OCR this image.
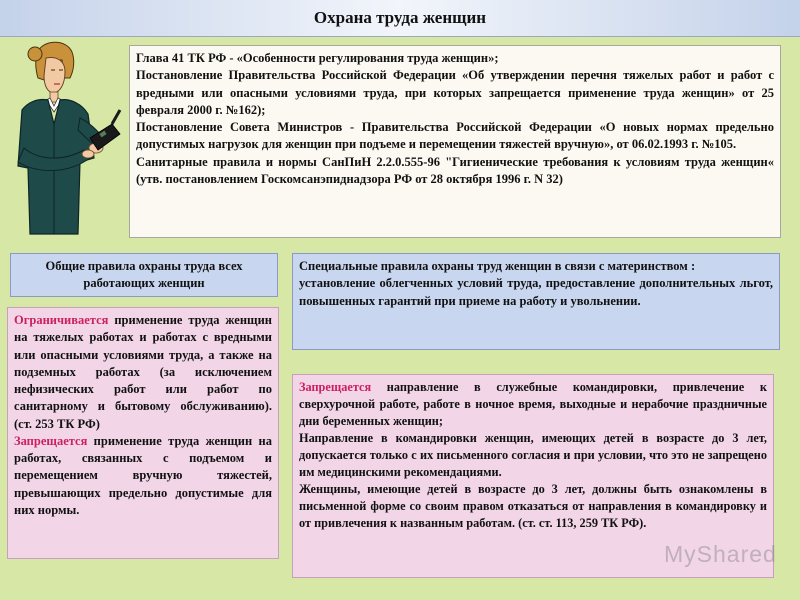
Охрана труда женщин

Глава 41 ТК РФ - «Особенности регулирования труда женщин»;

Постановление Правительства Российской Федерации «Об утверждении перечня тяжелых работ и работ с вредными или опасными условиями труда, при которых запрещается применение труда женщин» от 25 февраля 2000 г. №162);

Постановление Совета Министров - Правительства Российской Федерации «О новых нормах предельно допустимых нагрузок для женщин при подъеме и перемещении тяжестей вручную», от 06.02.1993 г. №105.

Санитарные правила и нормы СанПиН 2.2.0.555-96 "Гигиенические требования к условиям труда женщин« (утв. постановлением Госкомсанэпиднадзора РФ от 28 октября 1996 г. N 32)

Общие правила охраны труда всех работающих женщин

Ограничивается применение труда женщин на тяжелых работах и работах с вредными или опасными условиями труда, а также на подземных работах (за исключением нефизических работ или работ по санитарному и бытовому обслуживанию). (ст. 253 ТК РФ)

Запрещается применение труда женщин на работах, связанных с подъемом и перемещением вручную тяжестей, превышающих предельно допустимые для них нормы.

Специальные правила охраны труд женщин в связи с материнством :

установление облегченных условий труда, предоставление дополнительных льгот, повышенных гарантий при приеме на работу и увольнении.

Запрещается направление в служебные командировки, привлечение к сверхурочной работе, работе в ночное время, выходные и нерабочие праздничные дни беременных женщин;

Направление в командировки женщин, имеющих детей в возрасте до 3 лет, допускается только с их письменного согласия и при условии, что это не запрещено им медицинскими рекомендациями.

Женщины, имеющие детей в возрасте до 3 лет, должны быть ознакомлены в письменной форме со своим правом отказаться от направления в командировку и от привлечения к названным работам. (ст. ст. 113, 259 ТК РФ).

MyShared
